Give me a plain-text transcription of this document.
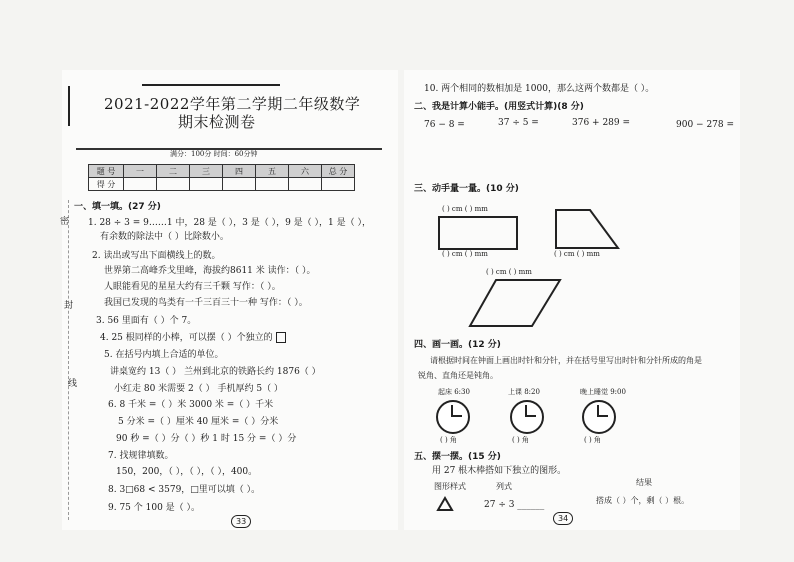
2021-2022学年第二学期二年级数学
期末检测卷
满分：100分 时间：60分钟
题 号	一	二	三	四	五	六	总 分
得 分							
一、填一填。(27 分)
1. 28 ÷ 3 = 9……1 中，28 是（ ），3 是（ ），9 是（ ），1 是（ ），
有余数的除法中（ ）比除数小。
2. 读出或写出下面横线上的数。
世界第二高峰乔戈里峰，海拔约8611 米 读作：（ ）。
人眼能看见的星星大约有三千颗 写作：（ ）。
我国已发现的鸟类有一千三百三十一种 写作：（ ）。
3. 56 里面有（ ）个 7。
4. 25 根同样的小棒，可以摆（ ）个独立的
5. 在括号内填上合适的单位。
讲桌宽约 13（ ） 兰州到北京的铁路长约 1876（ ）
小红走 80 米需要 2（ ） 手机厚约 5（ ）
6. 8 千米 =（ ）米 3000 米 =（ ）千米
5 分米 =（ ）厘米 40 厘米 =（ ）分米
90 秒 =（ ）分（ ）秒 1 时 15 分 =（ ）分
7. 找规律填数。
150，200，（ ），（ ），（ ），400。
8. 3□68 < 3579，□里可以填（ ）。
9. 75 个 100 是（ ）。
33
密
封
线
10. 两个相同的数相加是 1000，那么这两个数都是（ ）。
二、我是计算小能手。(用竖式计算)(8 分)
76 − 8 =	37 ÷ 5 =	376 + 289 =	900 − 278 =
三、动手量一量。(10 分)
( ) cm ( ) mm
( ) cm ( ) mm	( ) cm ( ) mm
( ) cm ( ) mm
四、画一画。(12 分)
请根据时间在钟面上画出时针和分针，并在括号里写出时针和分针所成的角是
锐角、直角还是钝角。
起床 6:30	上课 8:20	晚上睡觉 9:00
( ) 角	( ) 角	( ) 角
五、摆一摆。(15 分)
用 27 根木棒搭如下独立的图形。
图形样式	列式	结果
27 ÷ 3 ______	搭成（ ）个，剩（ ）根。
34
